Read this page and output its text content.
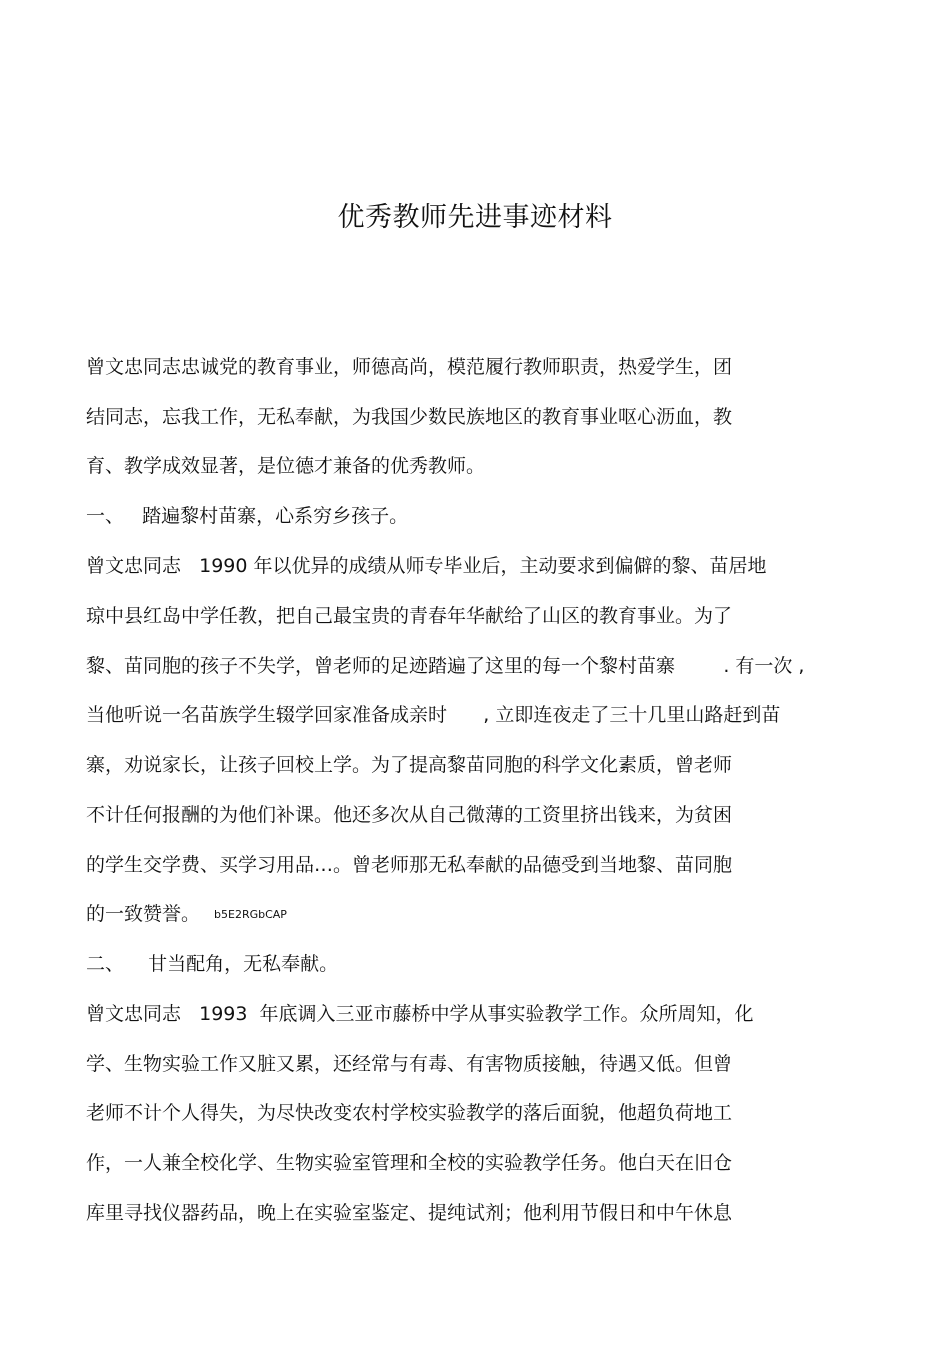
优秀教师先进事迹材料
曾文忠同志忠诚党的教育事业，师德高尚，模范履行教师职责，热爱学生，团
结同志，忘我工作，无私奉献，为我国少数民族地区的教育事业呕心沥血，教
育、教学成效显著，是位德才兼备的优秀教师。
一、   踏遍黎村苗寨，心系穷乡孩子。
曾文忠同志   1990 年以优异的成绩从师专毕业后，主动要求到偏僻的黎、苗居地
琼中县红岛中学任教，把自己最宝贵的青春年华献给了山区的教育事业。为了
黎、苗同胞的孩子不失学，曾老师的足迹踏遍了这里的每一个黎村苗寨        . 有一次 ,
当他听说一名苗族学生辍学回家准备成亲时      , 立即连夜走了三十几里山路赶到苗
寨，劝说家长，让孩子回校上学。为了提高黎苗同胞的科学文化素质，曾老师
不计任何报酬的为他们补课。他还多次从自己微薄的工资里挤出钱来，为贫困
的学生交学费、买学习用品…。曾老师那无私奉献的品德受到当地黎、苗同胞
的一致赞誉。 b5E2RGbCAP
二、    甘当配角，无私奉献。
曾文忠同志   1993  年底调入三亚市藤桥中学从事实验教学工作。众所周知，化
学、生物实验工作又脏又累，还经常与有毒、有害物质接触，待遇又低。但曾
老师不计个人得失，为尽快改变农村学校实验教学的落后面貌，他超负荷地工
作，一人兼全校化学、生物实验室管理和全校的实验教学任务。他白天在旧仓
库里寻找仪器药品，晚上在实验室鉴定、提纯试剂；他利用节假日和中午休息
